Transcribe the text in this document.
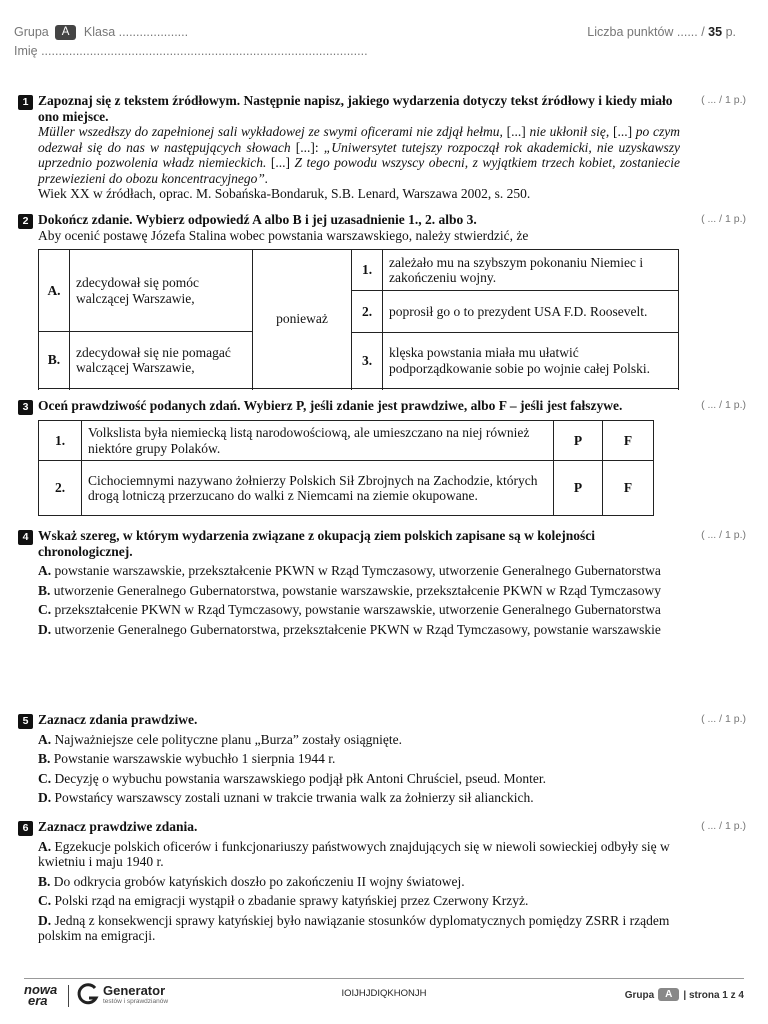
Grupa A Klasa ....................
Imię ..............................................................................................
Liczba punktów ...... / 35 p.
1 Zapoznaj się z tekstem źródłowym. Następnie napisz, jakiego wydarzenia dotyczy tekst źródłowy i kiedy miało ono miejsce.
Müller wszedłszy do zapełnionej sali wykładowej ze swymi oficerami nie zdjął hełmu, [...] nie ukłonił się, [...] po czym odezwał się do nas w następujących słowach [...]: „Uniwersytet tutejszy rozpoczął rok akademicki, nie uzyskawszy uprzednio pozwolenia władz niemieckich. [...] Z tego powodu wszyscy obecni, z wyjątkiem trzech kobiet, zostaniecie przewiezieni do obozu koncentracyjnego”.
Wiek XX w źródłach, oprac. M. Sobańska-Bondaruk, S.B. Lenard, Warszawa 2002, s. 250.
( ... / 1 p.)
2 Dokończ zdanie. Wybierz odpowiedź A albo B i jej uzasadnienie 1., 2. albo 3.
Aby ocenić postawę Józefa Stalina wobec powstania warszawskiego, należy stwierdzić, że
( ... / 1 p.)
A.	zdecydował się pomóc walczącej Warszawie,	ponieważ	1.	zależało mu na szybszym pokonaniu Niemiec i zakończeniu wojny.
			2.	poprosił go o to prezydent USA F.D. Roosevelt.
B.	zdecydował się nie pomagać walczącej Warszawie,			
			3.	klęska powstania miała mu ułatwić podporządkowanie sobie po wojnie całej Polski.

3 Oceń prawdziwość podanych zdań. Wybierz P, jeśli zdanie jest prawdziwe, albo F – jeśli jest fałszywe.	( ... / 1 p.)
1.	Volkslista była niemiecką listą narodowościową, ale umieszczano na niej również niektóre grupy Polaków.	P	F
2.	Cichociemnymi nazywano żołnierzy Polskich Sił Zbrojnych na Zachodzie, których drogą lotniczą przerzucano do walki z Niemcami na ziemie okupowane.	P	F
4 Wskaż szereg, w którym wydarzenia związane z okupacją ziem polskich zapisane są w kolejności chronologicznej.
A. powstanie warszawskie, przekształcenie PKWN w Rząd Tymczasowy, utworzenie Generalnego Gubernatorstwa
B. utworzenie Generalnego Gubernatorstwa, powstanie warszawskie, przekształcenie PKWN w Rząd Tymczasowy
C. przekształcenie PKWN w Rząd Tymczasowy, powstanie warszawskie, utworzenie Generalnego Gubernatorstwa
D. utworzenie Generalnego Gubernatorstwa, przekształcenie PKWN w Rząd Tymczasowy, powstanie warszawskie
( ... / 1 p.)
5 Zaznacz zdania prawdziwe.
A. Najważniejsze cele polityczne planu „Burza” zostały osiągnięte.
B. Powstanie warszawskie wybuchło 1 sierpnia 1944 r.
C. Decyzję o wybuchu powstania warszawskiego podjął płk Antoni Chruściel, pseud. Monter.
D. Powstańcy warszawscy zostali uznani w trakcie trwania walk za żołnierzy sił alianckich.
( ... / 1 p.)
6 Zaznacz prawdziwe zdania.
A. Egzekucje polskich oficerów i funkcjonariuszy państwowych znajdujących się w niewoli sowieckiej odbyły się w kwietniu i maju 1940 r.
B. Do odkrycia grobów katyńskich doszło po zakończeniu II wojny światowej.
C. Polski rząd na emigracji wystąpił o zbadanie sprawy katyńskiej przez Czerwony Krzyż.
D. Jedną z konsekwencji sprawy katyńskiej było nawiązanie stosunków dyplomatycznych pomiędzy ZSRR i rządem polskim na emigracji.
( ... / 1 p.)
nowa
era
Generator
testów i sprawdzianów
IOIJHJDIQKHONJH	Grupa A | strona 1 z 4
